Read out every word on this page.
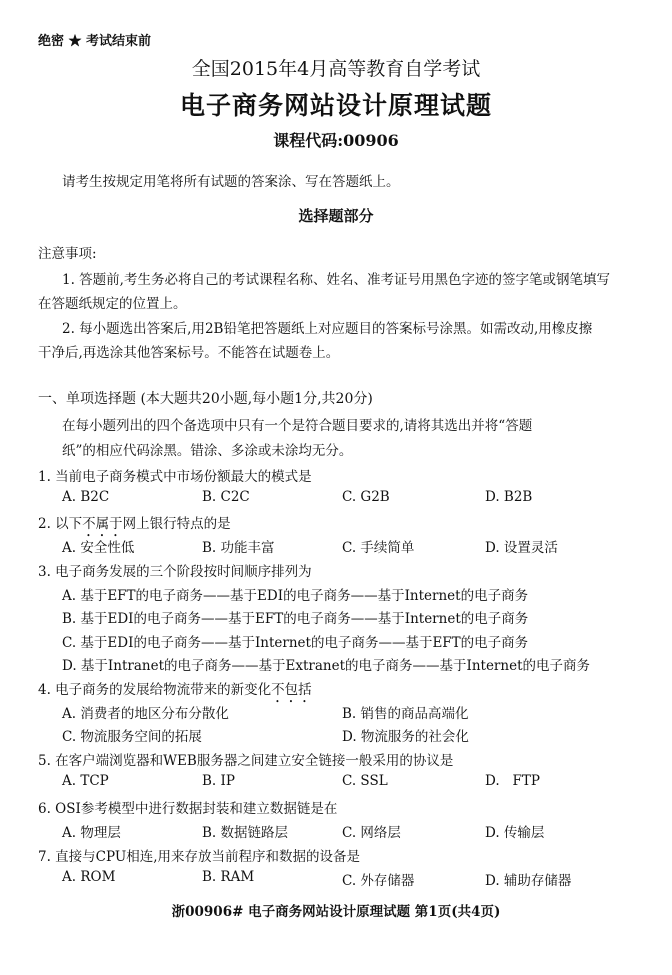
绝密 ★ 考试结束前
全国2015年4月高等教育自学考试
电子商务网站设计原理试题
课程代码:00906
请考生按规定用笔将所有试题的答案涂、写在答题纸上。
选择题部分
注意事项:
1. 答题前,考生务必将自己的考试课程名称、姓名、准考证号用黑色字迹的签字笔或钢笔填写
在答题纸规定的位置上。
2. 每小题选出答案后,用2B铅笔把答题纸上对应题目的答案标号涂黑。如需改动,用橡皮擦
干净后,再选涂其他答案标号。不能答在试题卷上。
一、单项选择题 (本大题共20小题,每小题1分,共20分)
在每小题列出的四个备选项中只有一个是符合题目要求的,请将其选出并将“答题
纸”的相应代码涂黑。错涂、多涂或未涂均无分。
1. 当前电子商务模式中市场份额最大的模式是
A. B2C	B. C2C	C. G2B	D. B2B
2. 以下不属于网上银行特点的是
A. 安全性低	B. 功能丰富	C. 手续简单	D. 设置灵活
3. 电子商务发展的三个阶段按时间顺序排列为
A. 基于EFT的电子商务——基于EDI的电子商务——基于Internet的电子商务
B. 基于EDI的电子商务——基于EFT的电子商务——基于Internet的电子商务
C. 基于EDI的电子商务——基于Internet的电子商务——基于EFT的电子商务
D. 基于Intranet的电子商务——基于Extranet的电子商务——基于Internet的电子商务
4. 电子商务的发展给物流带来的新变化不包括
A. 消费者的地区分布分散化	B. 销售的商品高端化
C. 物流服务空间的拓展	D. 物流服务的社会化
5. 在客户端浏览器和WEB服务器之间建立安全链接一般采用的协议是
A. TCP	B. IP	C. SSL	D.   FTP
6. OSI参考模型中进行数据封装和建立数据链是在
A. 物理层	B. 数据链路层	C. 网络层	D. 传输层
7. 直接与CPU相连,用来存放当前程序和数据的设备是
A. ROM	B. RAM	C. 外存储器	D. 辅助存储器
浙00906# 电子商务网站设计原理试题 第1页(共4页)
